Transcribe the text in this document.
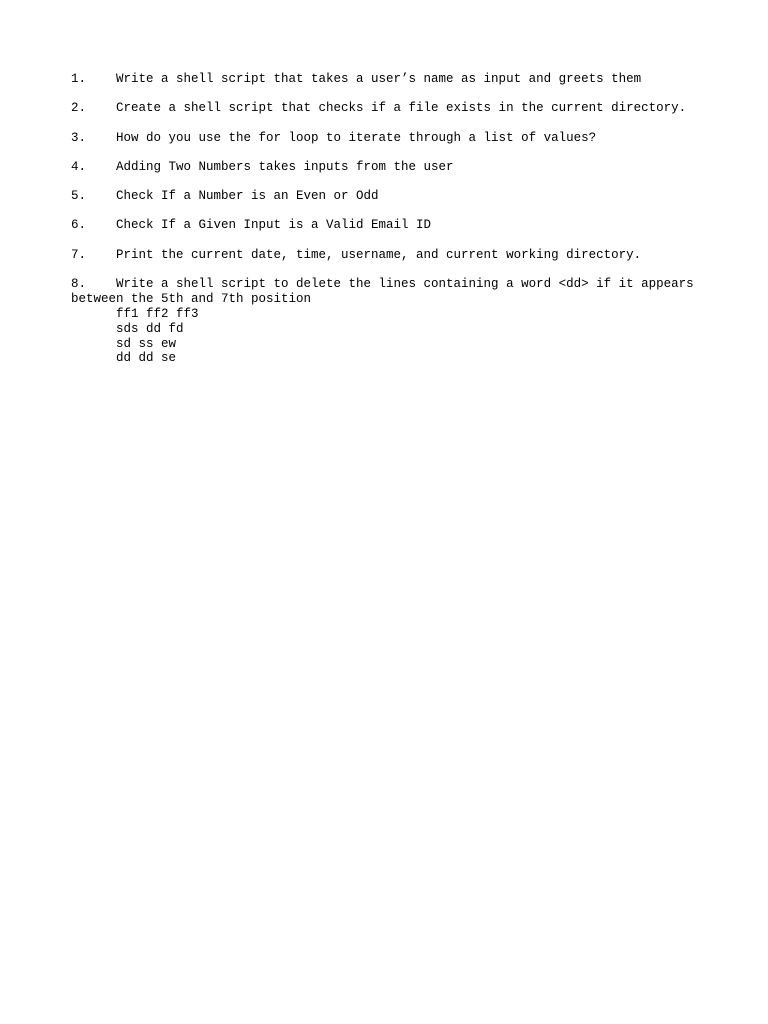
1. Write a shell script that takes a user’s name as input and greets them
2. Create a shell script that checks if a file exists in the current directory.
3. How do you use the for loop to iterate through a list of values?
4. Adding Two Numbers takes inputs from the user
5. Check If a Number is an Even or Odd
6. Check If a Given Input is a Valid Email ID
7. Print the current date, time, username, and current working directory.
8. Write a shell script to delete the lines containing a word <dd> if it appears
between the 5th and 7th position
ff1 ff2 ff3
sds dd fd
sd ss ew
dd dd se
